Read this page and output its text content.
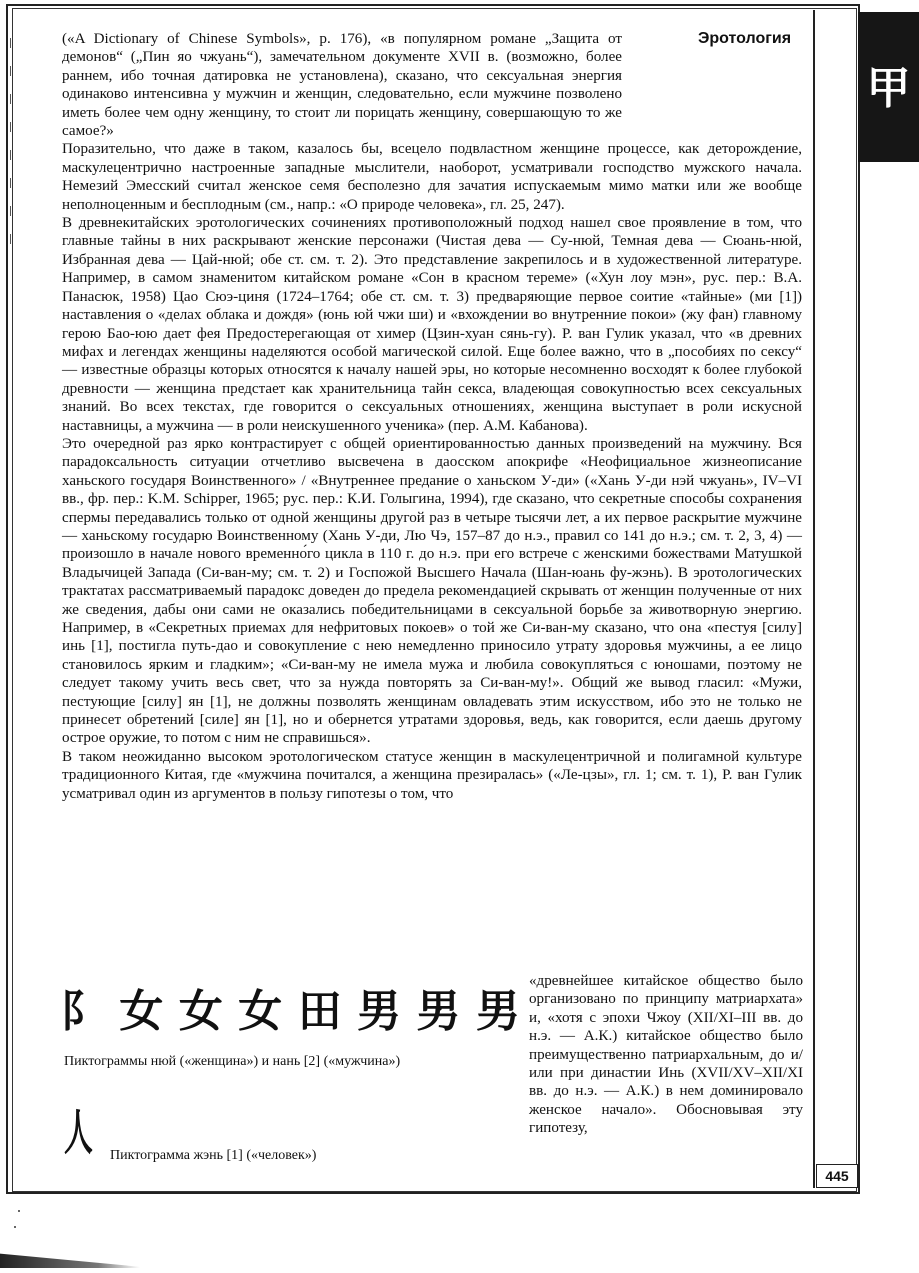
甲
Эротология

(«A Dictionary of Chinese Symbols», p. 176), «в популярном романе „Защита от демонов“ („Пин яо чжуань“), замечательном документе XVII в. (возможно, более раннем, ибо точная датировка не установлена), сказано, что сексуальная энергия одинаково интенсивна у мужчин и женщин, следовательно, если мужчине позволено иметь более чем одну женщину, то стоит ли порицать женщину, совершающую то же самое?»

Поразительно, что даже в таком, казалось бы, всецело подвластном женщине процессе, как деторождение, маскулецентрично настроенные западные мыслители, наоборот, усматривали господство мужского начала. Немезий Эмесский считал женское семя бесполезно для зачатия испускаемым мимо матки или же вообще неполноценным и бесплодным (см., напр.: «О природе человека», гл. 25, 247).

В древнекитайских эротологических сочинениях противоположный подход нашел свое проявление в том, что главные тайны в них раскрывают женские персонажи (Чистая дева — Су-нюй, Темная дева — Сюань-нюй, Избранная дева — Цай-нюй; обе ст. см. т. 2). Это представление закрепилось и в художественной литературе. Например, в самом знаменитом китайском романе «Сон в красном тереме» («Хун лоу мэн», рус. пер.: В.А. Панасюк, 1958) Цао Сюэ-циня (1724–1764; обе ст. см. т. 3) предваряющие первое соитие «тайные» (ми [1]) наставления о «делах облака и дождя» (юнь юй чжи ши) и «вхождении во внутренние покои» (жу фан) главному герою Бао-юю дает фея Предостерегающая от химер (Цзин-хуан сянь-гу). Р. ван Гулик указал, что «в древних мифах и легендах женщины наделяются особой магической силой. Еще более важно, что в „пособиях по сексу“ — известные образцы которых относятся к началу нашей эры, но которые несомненно восходят к более глубокой древности — женщина предстает как хранительница тайн секса, владеющая совокупностью всех сексуальных знаний. Во всех текстах, где говорится о сексуальных отношениях, женщина выступает в роли искусной наставницы, а мужчина — в роли неискушенного ученика» (пер. А.М. Кабанова).

Это очередной раз ярко контрастирует с общей ориентированностью данных произведений на мужчину. Вся парадоксальность ситуации отчетливо высвечена в даосском апокрифе «Неофициальное жизнеописание ханьского государя Воинственного» / «Внутреннее предание о ханьском У-ди» («Хань У-ди нэй чжуань», IV–VI вв., фр. пер.: K.M. Schipper, 1965; рус. пер.: К.И. Голыгина, 1994), где сказано, что секретные способы сохранения спермы передавались только от одной женщины другой раз в четыре тысячи лет, а их первое раскрытие мужчине — ханьскому государю Воинственному (Хань У-ди, Лю Чэ, 157–87 до н.э., правил со 141 до н.э.; см. т. 2, 3, 4) — произошло в начале нового временно́го цикла в 110 г. до н.э. при его встрече с женскими божествами Матушкой Владычицей Запада (Си-ван-му; см. т. 2) и Госпожой Высшего Начала (Шан-юань фу-жэнь). В эротологических трактатах рассматриваемый парадокс доведен до предела рекомендацией скрывать от женщин полученные от них же сведения, дабы они сами не оказались победительницами в сексуальной борьбе за животворную энергию. Например, в «Секретных приемах для нефритовых покоев» о той же Си-ван-му сказано, что она «пестуя [силу] инь [1], постигла путь-дао и совокупление с нею немедленно приносило утрату здоровья мужчины, а ее лицо становилось ярким и гладким»; «Си-ван-му не имела мужа и любила совокупляться с юношами, поэтому не следует такому учить весь свет, что за нужда повторять за Си-ван-му!». Общий же вывод гласил: «Мужи, пестующие [силу] ян [1], не должны позволять женщинам овладевать этим искусством, ибо это не только не принесет обретений [силе] ян [1], но и обернется утратами здоровья, ведь, как говорится, если даешь другому острое оружие, то потом с ним не справишься».

В таком неожиданно высоком эротологическом статусе женщин в маскулецентричной и полигамной культуре традиционного Китая, где «мужчина почитался, а женщина презиралась» («Ле-цзы», гл. 1; см. т. 1), Р. ван Гулик усматривал один из аргументов в пользу гипотезы о том, что

⻖ 女 女 女 田 男 男 男
Пиктограммы нюй («женщина») и нань [2] («мужчина»)
人 Пиктограмма жэнь [1] («человек»)
«древнейшее китайское общество было организовано по принципу матриархата» и, «хотя с эпохи Чжоу (XII/XI–III вв. до н.э. — А.К.) китайское общество было преимущественно патриархальным, до и/или при династии Инь (XVII/XV–XII/XI вв. до н.э. — А.К.) в нем доминировало женское начало». Обосновывая эту гипотезу,
445
